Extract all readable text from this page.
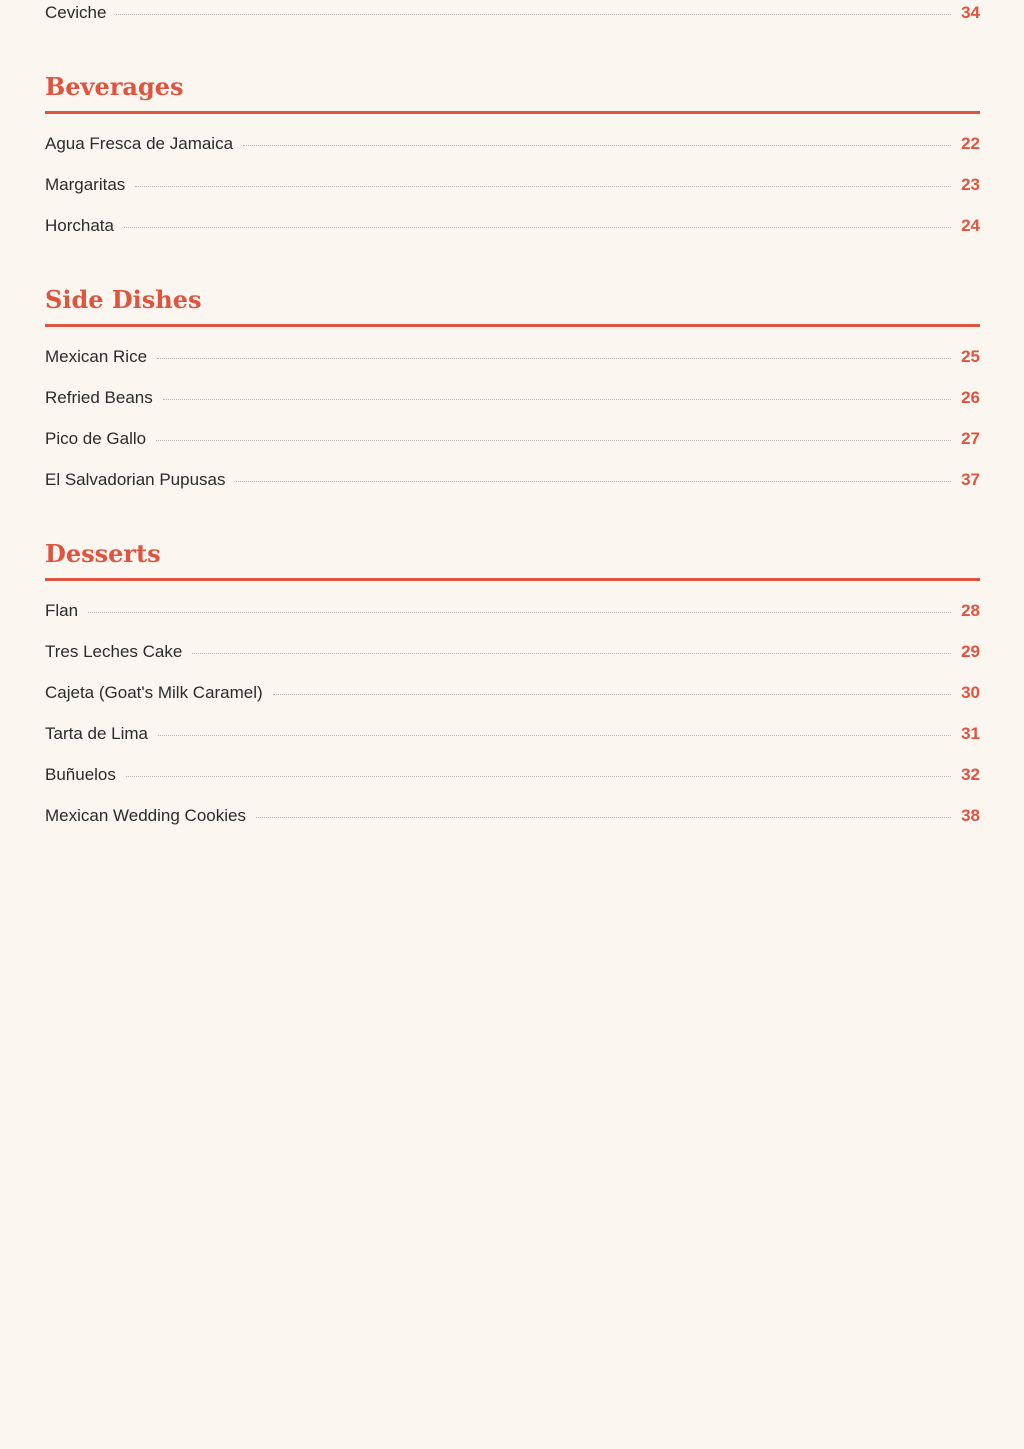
Ceviche	34
Beverages
Agua Fresca de Jamaica	22
Margaritas	23
Horchata	24
Side Dishes
Mexican Rice	25
Refried Beans	26
Pico de Gallo	27
El Salvadorian Pupusas	37
Desserts
Flan	28
Tres Leches Cake	29
Cajeta (Goat's Milk Caramel)	30
Tarta de Lima	31
Buñuelos	32
Mexican Wedding Cookies	38
